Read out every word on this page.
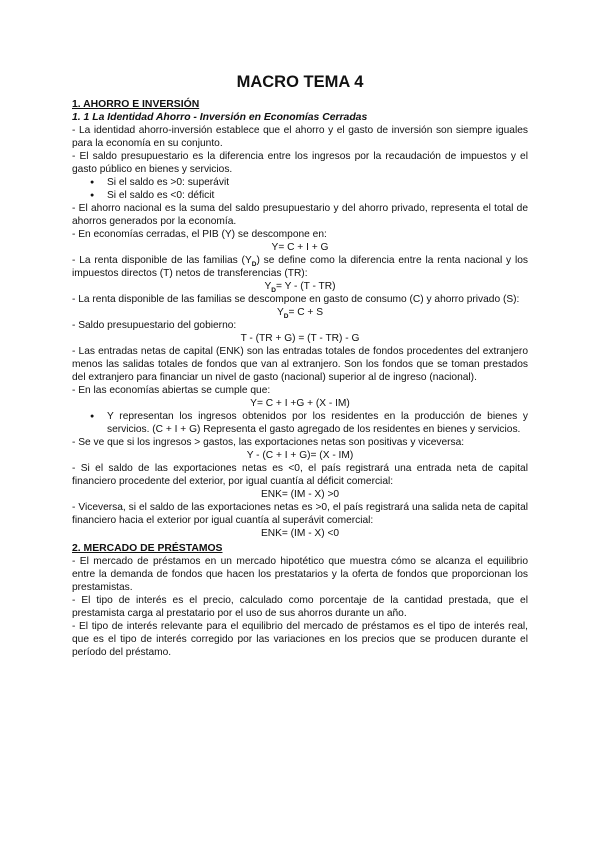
MACRO TEMA 4
1. AHORRO E INVERSIÓN
1. 1 La Identidad Ahorro - Inversión en Economías Cerradas
- La identidad ahorro-inversión establece que el ahorro y el gasto de inversión son siempre iguales para la economía en su conjunto.
- El saldo presupuestario es la diferencia entre los ingresos por la recaudación de impuestos y el gasto público en bienes y servicios.
● Si el saldo es >0: superávit
● Si el saldo es <0: déficit
- El ahorro nacional es la suma del saldo presupuestario y del ahorro privado, representa el total de ahorros generados por la economía.
- En economías cerradas, el PIB (Y) se descompone en:
Y= C + I + G
- La renta disponible de las familias $(Y_D)$ se define como la diferencia entre la renta nacional y los impuestos directos (T) netos de transferencias (TR):
$Y_D= Y - (T - TR)$
- La renta disponible de las familias se descompone en gasto de consumo (C) y ahorro privado (S):
$Y_D= C + S$
- Saldo presupuestario del gobierno:
T - (TR + G) = (T - TR) - G
- Las entradas netas de capital (ENK) son las entradas totales de fondos procedentes del extranjero menos las salidas totales de fondos que van al extranjero. Son los fondos que se toman prestados del extranjero para financiar un nivel de gasto (nacional) superior al de ingreso (nacional).
- En las economías abiertas se cumple que:
Y= C + I +G + (X - IM)
● Y representan los ingresos obtenidos por los residentes en la producción de bienes y servicios. (C + I + G) Representa el gasto agregado de los residentes en bienes y servicios.
- Se ve que si los ingresos > gastos, las exportaciones netas son positivas y viceversa:
Y - (C + I + G)= (X - IM)
- Si el saldo de las exportaciones netas es <0, el país registrará una entrada neta de capital financiero procedente del exterior, por igual cuantía al déficit comercial:
ENK= (IM - X) >0
- Viceversa, si el saldo de las exportaciones netas es >0, el país registrará una salida neta de capital financiero hacia el exterior por igual cuantía al superávit comercial:
ENK= (IM - X) <0
2. MERCADO DE PRÉSTAMOS
- El mercado de préstamos en un mercado hipotético que muestra cómo se alcanza el equilibrio entre la demanda de fondos que hacen los prestatarios y la oferta de fondos que proporcionan los prestamistas.
- El tipo de interés es el precio, calculado como porcentaje de la cantidad prestada, que el prestamista carga al prestatario por el uso de sus ahorros durante un año.
- El tipo de interés relevante para el equilibrio del mercado de préstamos es el tipo de interés real, que es el tipo de interés corregido por las variaciones en los precios que se producen durante el período del préstamo.
